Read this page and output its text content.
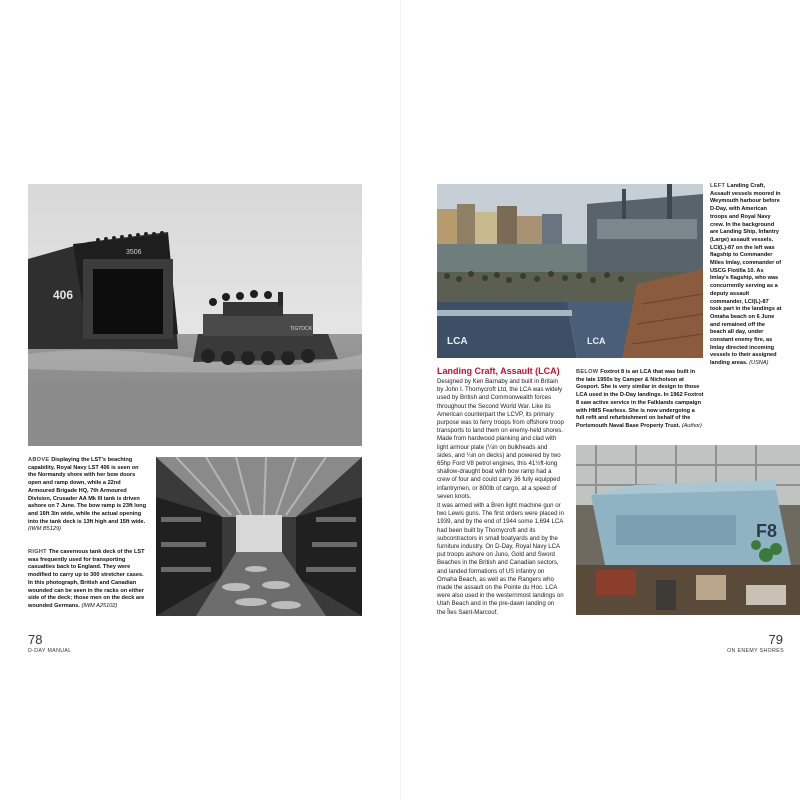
406
3506
TIGTOCK
ABOVE Displaying the LST's beaching capability, Royal Navy LST 406 is seen on the Normandy shore with her bow doors open and ramp down, while a 22nd Armoured Brigade HQ, 7th Armoured Division, Crusader AA Mk III tank is driven ashore on 7 June. The bow ramp is 23ft long and 16ft 3in wide, while the actual opening into the tank deck is 13ft high and 15ft wide. (IWM B5129)
RIGHT The cavernous tank deck of the LST was frequently used for transporting casualties back to England. They were modified to carry up to 300 stretcher cases. In this photograph, British and Canadian wounded can be seen in the racks on either side of the deck; those men on the deck are wounded Germans. (IWM A25102)
78
D-DAY MANUAL
LCA	LCA
LEFT Landing Craft, Assault vessels moored in Weymouth harbour before D-Day, with American troops and Royal Navy crew. In the background are Landing Ship, Infantry (Large) assault vessels. LCI(L)-87 on the left was flagship to Commander Miles Imlay, commander of USCG Flotilla 10. As Imlay's flagship, who was concurrently serving as a deputy assault commander, LCI(L)-87 took part in the landings at Omaha beach on 6 June and remained off the beach all day, under constant enemy fire, as Imlay directed incoming vessels to their assigned landing areas. (USNA)
Landing Craft, Assault (LCA)

Designed by Ken Barnaby and built in Britain by John I. Thornycroft Ltd, the LCA was widely used by British and Commonwealth forces throughout the Second World War. Like its American counterpart the LCVP, its primary purpose was to ferry troops from offshore troop transports to land them on enemy-held shores. Made from hardwood planking and clad with light armour plate (¼in on bulkheads and sides, and ¼in on decks) and powered by two 65hp Ford V8 petrol engines, this 41½ft-long shallow-draught boat with bow ramp had a crew of four and could carry 36 fully equipped infantrymen, or 800lb of cargo, at a speed of seven knots.

It was armed with a Bren light machine gun or two Lewis guns. The first orders were placed in 1939, and by the end of 1944 some 1,694 LCA had been built by Thornycroft and its subcontractors in small boatyards and by the furniture industry. On D-Day, Royal Navy LCA put troops ashore on Juno, Gold and Sword Beaches in the British and Canadian sectors, and landed formations of US infantry on Omaha Beach, as well as the Rangers who made the assault on the Pointe du Hoc. LCA were also used in the westernmost landings on Utah Beach and in the pre-dawn landing on the Îles Saint-Marcouf.

BELOW Foxtrot 8 is an LCA that was built in the late 1950s by Camper & Nicholson at Gosport. She is very similar in design to those LCA used in the D-Day landings. In 1962 Foxtrot 8 saw active service in the Falklands campaign with HMS Fearless. She is now undergoing a full refit and refurbishment on behalf of the Portsmouth Naval Base Property Trust. (Author)
F8
79
ON ENEMY SHORES
